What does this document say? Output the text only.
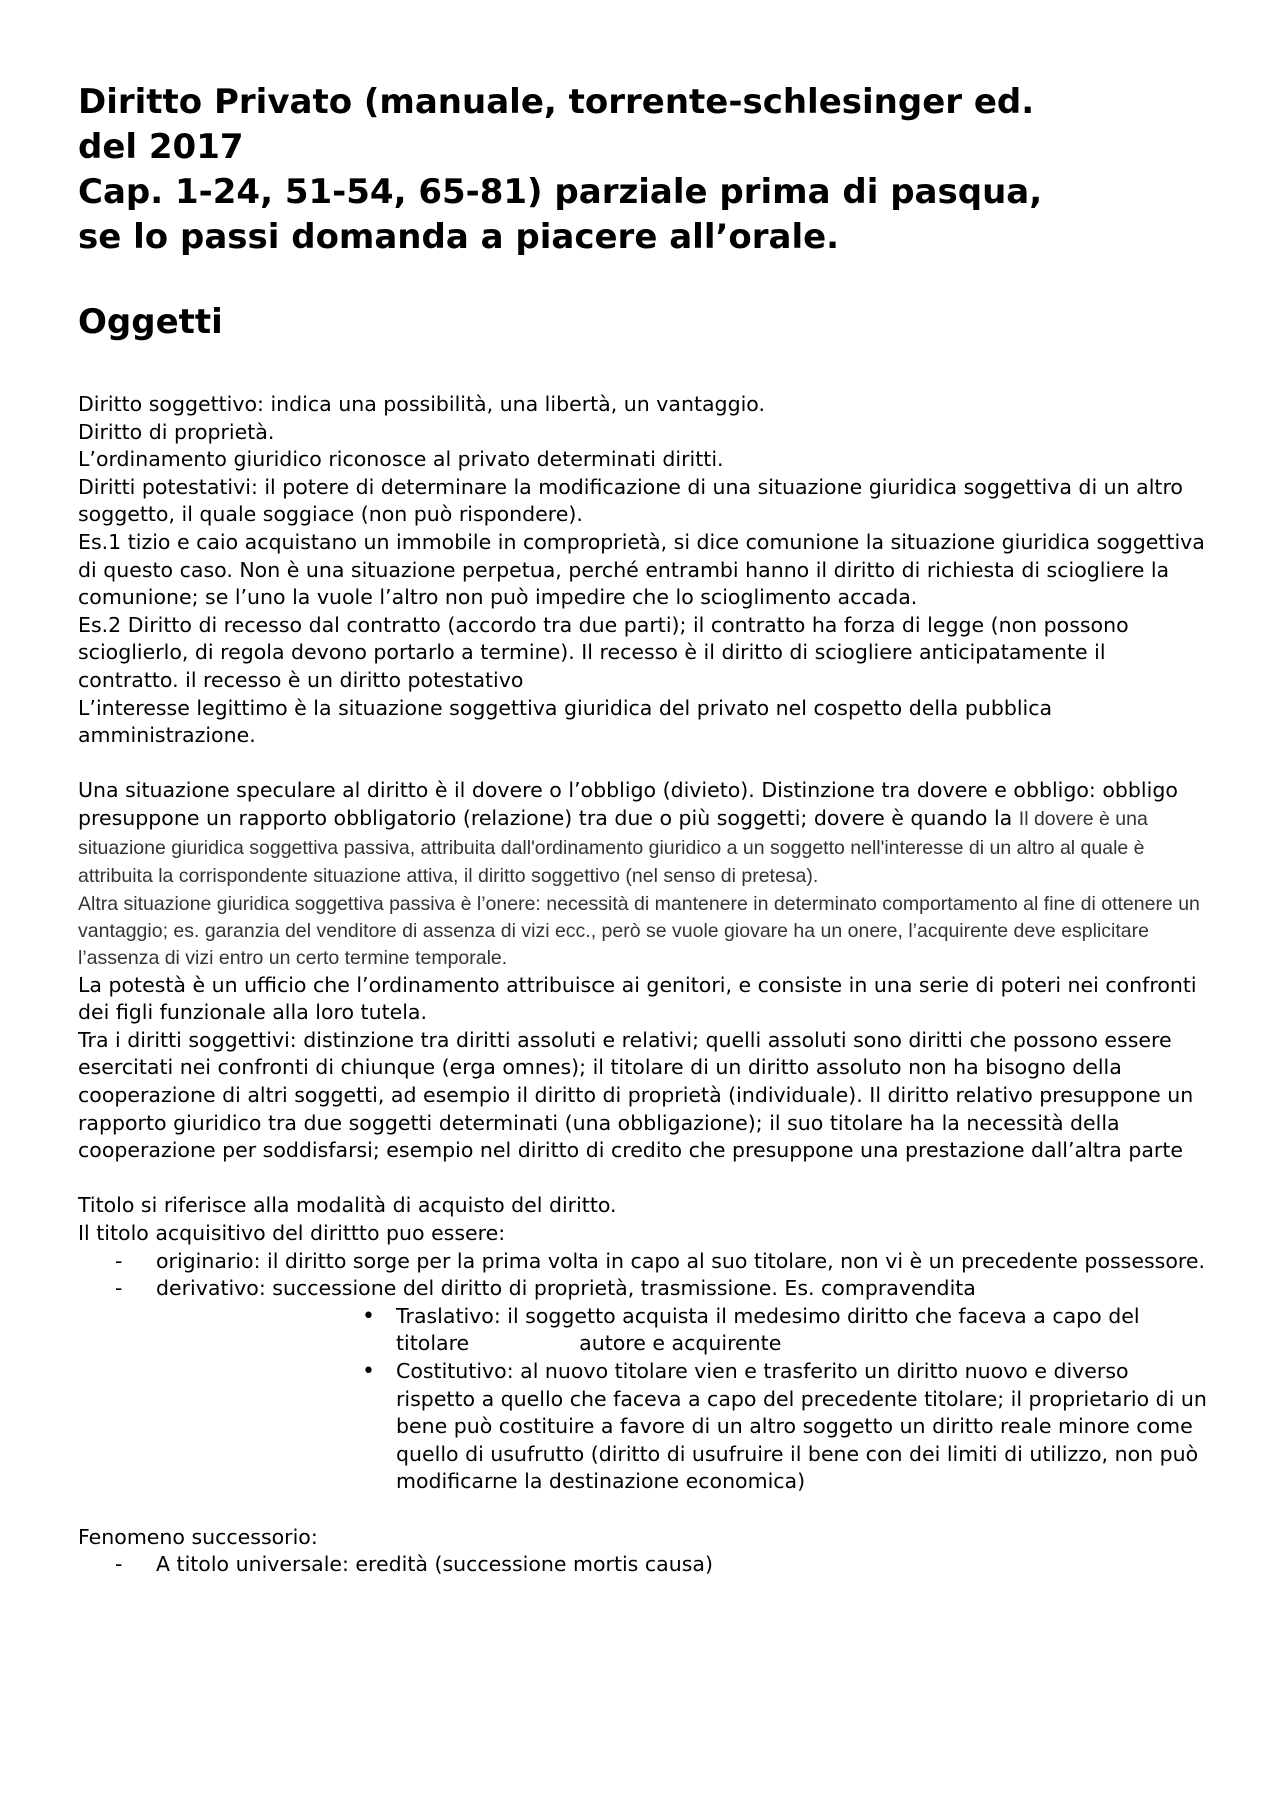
Diritto Privato (manuale, torrente-schlesinger ed.
del 2017
Cap. 1-24, 51-54, 65-81) parziale prima di pasqua,
se lo passi domanda a piacere all’orale.
Oggetti

Diritto soggettivo: indica una possibilità, una libertà, un vantaggio.

Diritto di proprietà.

L’ordinamento giuridico riconosce al privato determinati diritti.

Diritti potestativi: il potere di determinare la modificazione di una situazione giuridica soggettiva di un altro soggetto, il quale soggiace (non può rispondere).

Es.1 tizio e caio acquistano un immobile in comproprietà, si dice comunione la situazione giuridica soggettiva di questo caso. Non è una situazione perpetua, perché entrambi hanno il diritto di richiesta di sciogliere la comunione; se l’uno la vuole l’altro non può impedire che lo scioglimento accada.

Es.2 Diritto di recesso dal contratto (accordo tra due parti); il contratto ha forza di legge (non possono scioglierlo, di regola devono portarlo a termine). Il recesso è il diritto di sciogliere anticipatamente il contratto. il recesso è un diritto potestativo

L’interesse legittimo è la situazione soggettiva giuridica del privato nel cospetto della pubblica amministrazione.

Una situazione speculare al diritto è il dovere o l’obbligo (divieto). Distinzione tra dovere e obbligo: obbligo presuppone un rapporto obbligatorio (relazione) tra due o più soggetti; dovere è quando la Il dovere è una situazione giuridica soggettiva passiva, attribuita dall'ordinamento giuridico a un soggetto nell'interesse di un altro al quale è attribuita la corrispondente situazione attiva, il diritto soggettivo (nel senso di pretesa).

Altra situazione giuridica soggettiva passiva è l’onere: necessità di mantenere in determinato comportamento al fine di ottenere un vantaggio; es. garanzia del venditore di assenza di vizi ecc., però se vuole giovare ha un onere, l’acquirente deve esplicitare l’assenza di vizi entro un certo termine temporale.

La potestà è un ufficio che l’ordinamento attribuisce ai genitori, e consiste in una serie di poteri nei confronti dei figli funzionale alla loro tutela.

Tra i diritti soggettivi: distinzione tra diritti assoluti e relativi; quelli assoluti sono diritti che possono essere esercitati nei confronti di chiunque (erga omnes); il titolare di un diritto assoluto non ha bisogno della cooperazione di altri soggetti, ad esempio il diritto di proprietà (individuale). Il diritto relativo presuppone un rapporto giuridico tra due soggetti determinati (una obbligazione); il suo titolare ha la necessità della cooperazione per soddisfarsi; esempio nel diritto di credito che presuppone una prestazione dall’altra parte

Titolo si riferisce alla modalità di acquisto del diritto.

Il titolo acquisitivo del dirittto puo essere:

- originario: il diritto sorge per la prima volta in capo al suo titolare, non vi è un precedente possessore.
- derivativo: successione del diritto di proprietà, trasmissione. Es. compravendita
• Traslativo: il soggetto acquista il medesimo diritto che faceva a capo del titolare	autore e acquirente
• Costitutivo: al nuovo titolare vien e trasferito un diritto nuovo e diverso rispetto a quello che faceva a capo del precedente titolare; il proprietario di un bene può costituire a favore di un altro soggetto un diritto reale minore come quello di usufrutto (diritto di usufruire il bene con dei limiti di utilizzo, non può modificarne la destinazione economica)

Fenomeno successorio:

- A titolo universale: eredità (successione mortis causa)
